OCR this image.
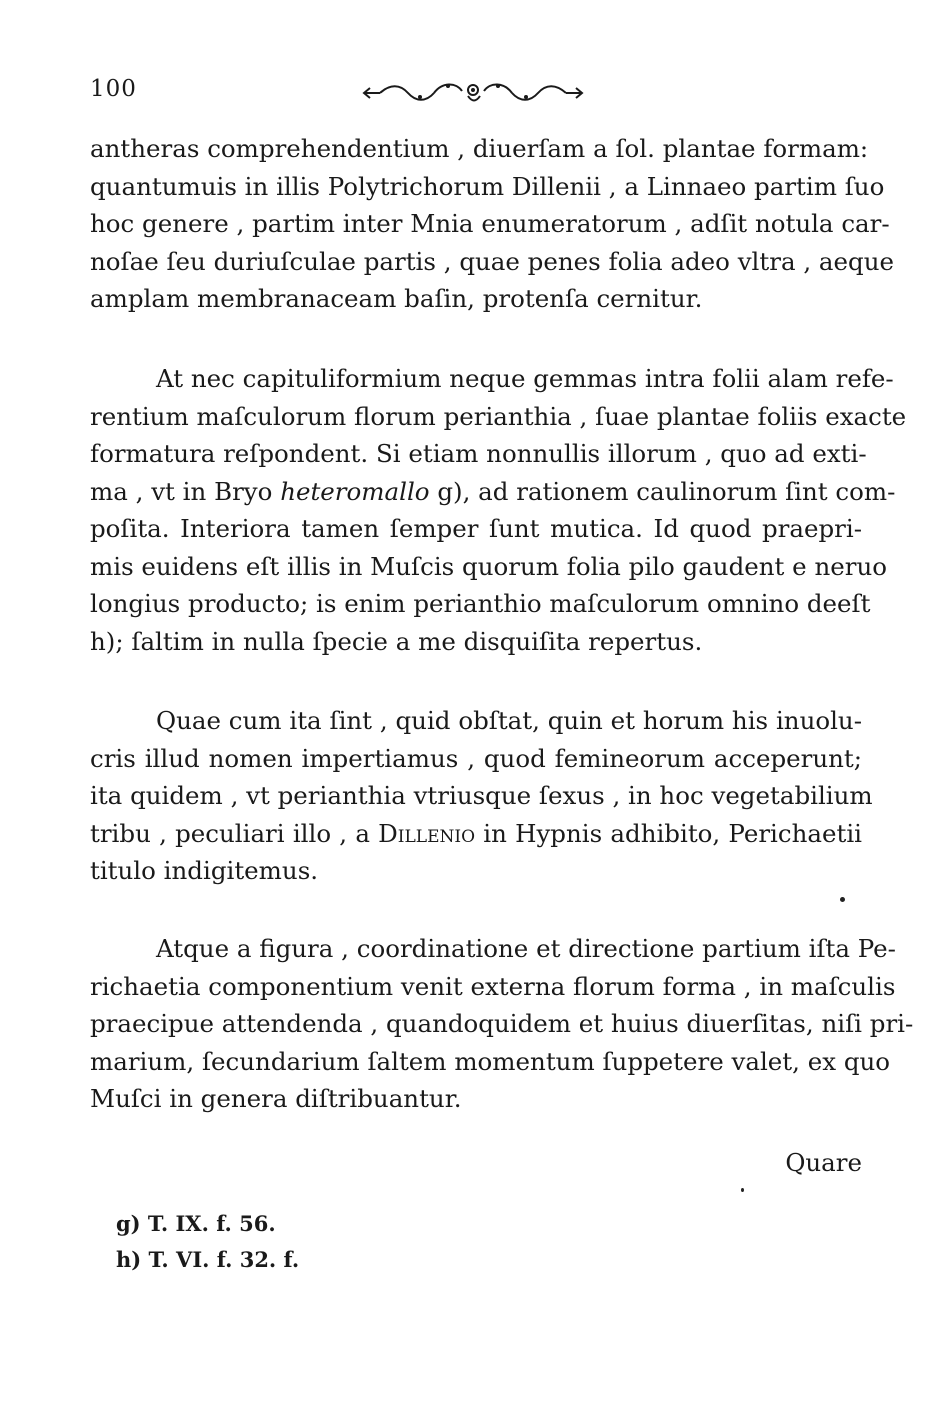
100
antheras comprehendentium , diuerſam a ſol. plantae formam:
quantumuis in illis Polytrichorum Dillenii , a Linnaeo partim ſuo
hoc genere , partim inter Mnia enumeratorum , adſit notula car-
noſae ſeu duriuſculae partis , quae penes folia adeo vltra , aeque
amplam membranaceam baſin, protenſa cernitur.
At nec capituliformium neque gemmas intra folii alam refe-
rentium maſculorum florum perianthia , ſuae plantae foliis exacte
formatura reſpondent. Si etiam nonnullis illorum , quo ad exti-
ma , vt in Bryo heteromallo g), ad rationem caulinorum ſint com-
poſita. Interiora tamen ſemper ſunt mutica. Id quod praepri-
mis euidens eſt illis in Muſcis quorum folia pilo gaudent e neruo
longius producto; is enim perianthio maſculorum omnino deeſt
h); ſaltim in nulla ſpecie a me disquiſita repertus.
Quae cum ita ſint , quid obſtat, quin et horum his inuolu-
cris illud nomen impertiamus , quod femineorum acceperunt;
ita quidem , vt perianthia vtriusque ſexus , in hoc vegetabilium
tribu , peculiari illo , a Dillenio in Hypnis adhibito, Perichaetii
titulo indigitemus.
Atque a figura , coordinatione et directione partium iſta Pe-
richaetia componentium venit externa florum forma , in maſculis
praecipue attendenda , quandoquidem et huius diuerſitas, niſi pri-
marium, ſecundarium ſaltem momentum ſuppetere valet, ex quo
Muſci in genera diſtribuantur.
Quare
g) T. IX. f. 56.
h) T. VI. f. 32. f.
